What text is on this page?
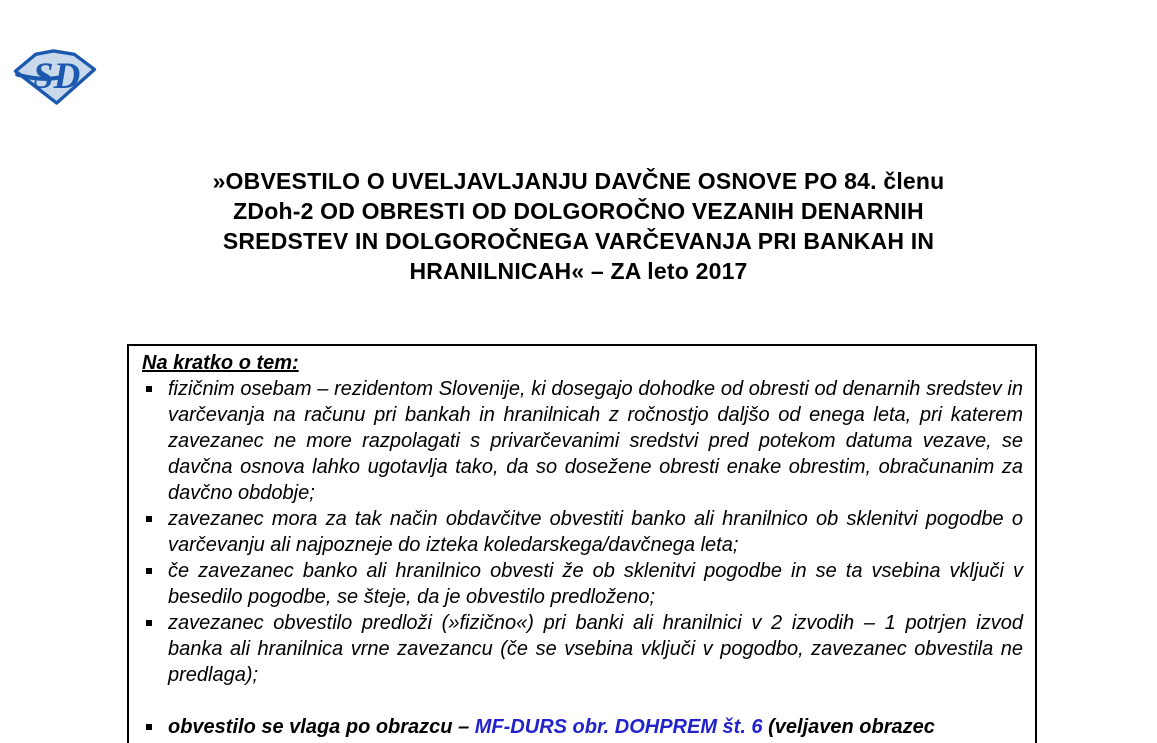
SD
»OBVESTILO O UVELJAVLJANJU DAVČNE OSNOVE PO 84. členu
ZDoh-2 OD OBRESTI OD DOLGOROČNO VEZANIH DENARNIH
SREDSTEV IN DOLGOROČNEGA VARČEVANJA PRI BANKAH IN
HRANILNICAH« – ZA leto 2017

Na kratko o tem:

fizičnim osebam – rezidentom Slovenije, ki dosegajo dohodke od obresti od denarnih sredstev in varčevanja na računu pri bankah in hranilnicah z ročnostjo daljšo od enega leta, pri katerem zavezanec ne more razpolagati s privarčevanimi sredstvi pred potekom datuma vezave, se davčna osnova lahko ugotavlja tako, da so dosežene obresti enake obrestim, obračunanim za davčno obdobje;
zavezanec mora za tak način obdavčitve obvestiti banko ali hranilnico ob sklenitvi pogodbe o varčevanju ali najpozneje do izteka koledarskega/davčnega leta;
če zavezanec banko ali hranilnico obvesti že ob sklenitvi pogodbe in se ta vsebina vključi v besedilo pogodbe, se šteje, da je obvestilo predloženo;
zavezanec obvestilo predloži (»fizično«) pri banki ali hranilnici v 2 izvodih – 1 potrjen izvod banka ali hranilnica vrne zavezancu (če se vsebina vključi v pogodbo, zavezanec obvestila ne predlaga);
obvestilo se vlaga po obrazcu – MF-DURS obr. DOHPREM št. 6 (veljaven obrazec
